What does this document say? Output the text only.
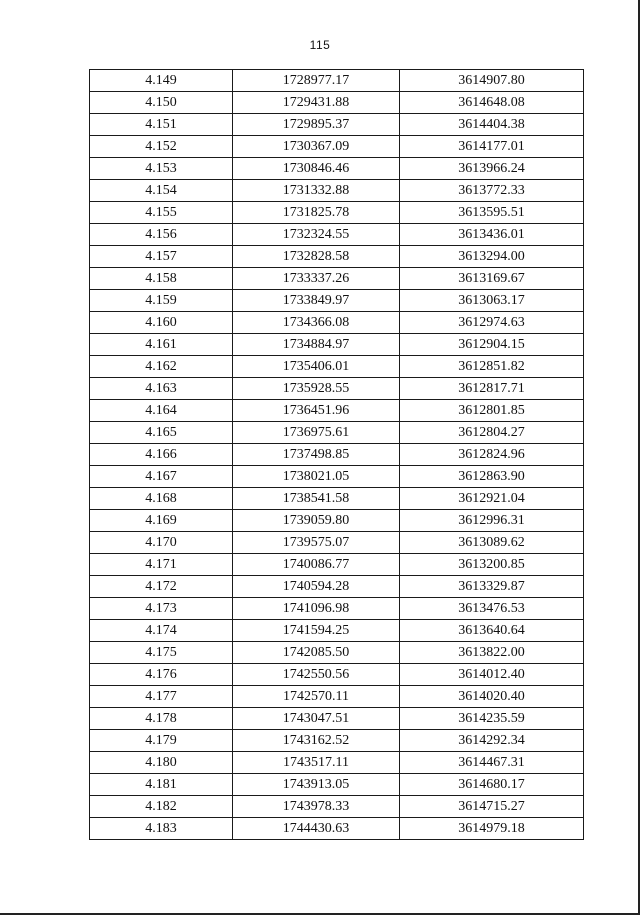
115
4.149	1728977.17	3614907.80
4.150	1729431.88	3614648.08
4.151	1729895.37	3614404.38
4.152	1730367.09	3614177.01
4.153	1730846.46	3613966.24
4.154	1731332.88	3613772.33
4.155	1731825.78	3613595.51
4.156	1732324.55	3613436.01
4.157	1732828.58	3613294.00
4.158	1733337.26	3613169.67
4.159	1733849.97	3613063.17
4.160	1734366.08	3612974.63
4.161	1734884.97	3612904.15
4.162	1735406.01	3612851.82
4.163	1735928.55	3612817.71
4.164	1736451.96	3612801.85
4.165	1736975.61	3612804.27
4.166	1737498.85	3612824.96
4.167	1738021.05	3612863.90
4.168	1738541.58	3612921.04
4.169	1739059.80	3612996.31
4.170	1739575.07	3613089.62
4.171	1740086.77	3613200.85
4.172	1740594.28	3613329.87
4.173	1741096.98	3613476.53
4.174	1741594.25	3613640.64
4.175	1742085.50	3613822.00
4.176	1742550.56	3614012.40
4.177	1742570.11	3614020.40
4.178	1743047.51	3614235.59
4.179	1743162.52	3614292.34
4.180	1743517.11	3614467.31
4.181	1743913.05	3614680.17
4.182	1743978.33	3614715.27
4.183	1744430.63	3614979.18
